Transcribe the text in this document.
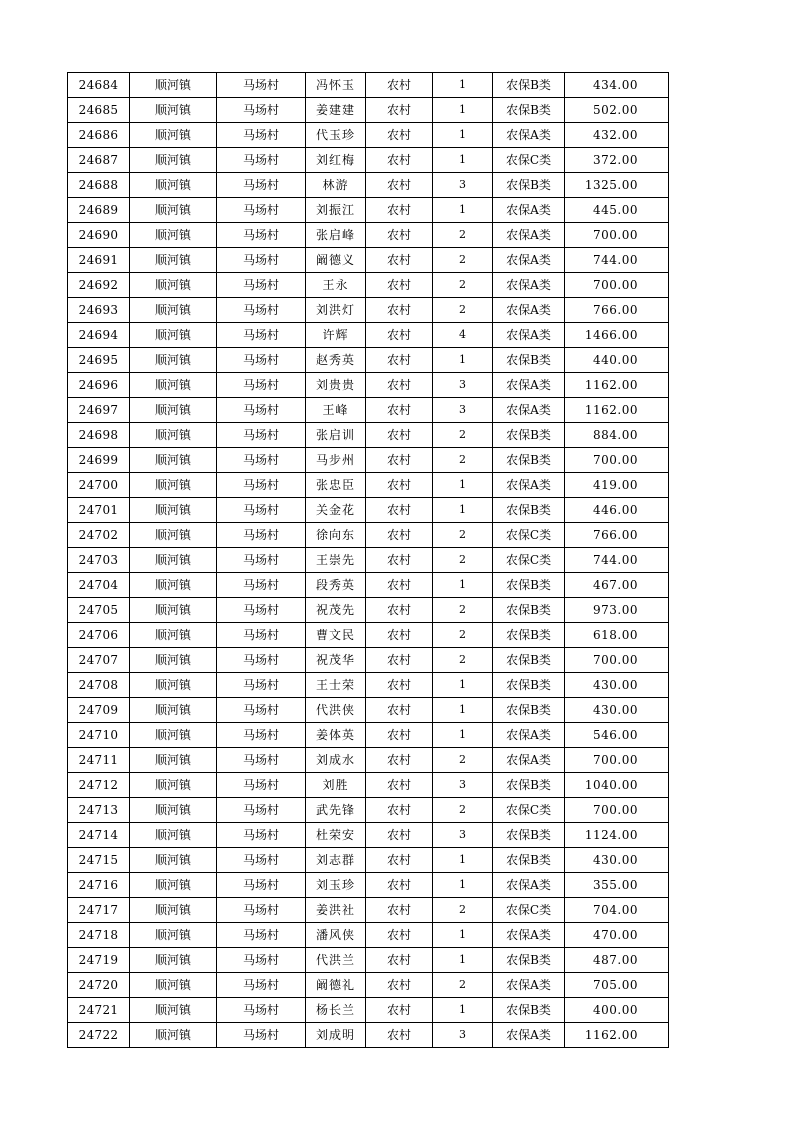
24684	顺河镇	马场村	冯怀玉	农村	1	农保B类	434.00
24685	顺河镇	马场村	姜建建	农村	1	农保B类	502.00
24686	顺河镇	马场村	代玉珍	农村	1	农保A类	432.00
24687	顺河镇	马场村	刘红梅	农村	1	农保C类	372.00
24688	顺河镇	马场村	林游	农村	3	农保B类	1325.00
24689	顺河镇	马场村	刘振江	农村	1	农保A类	445.00
24690	顺河镇	马场村	张启峰	农村	2	农保A类	700.00
24691	顺河镇	马场村	阚德义	农村	2	农保A类	744.00
24692	顺河镇	马场村	王永	农村	2	农保A类	700.00
24693	顺河镇	马场村	刘洪灯	农村	2	农保A类	766.00
24694	顺河镇	马场村	许辉	农村	4	农保A类	1466.00
24695	顺河镇	马场村	赵秀英	农村	1	农保B类	440.00
24696	顺河镇	马场村	刘贵贵	农村	3	农保A类	1162.00
24697	顺河镇	马场村	王峰	农村	3	农保A类	1162.00
24698	顺河镇	马场村	张启训	农村	2	农保B类	884.00
24699	顺河镇	马场村	马步州	农村	2	农保B类	700.00
24700	顺河镇	马场村	张忠臣	农村	1	农保A类	419.00
24701	顺河镇	马场村	关金花	农村	1	农保B类	446.00
24702	顺河镇	马场村	徐向东	农村	2	农保C类	766.00
24703	顺河镇	马场村	王崇先	农村	2	农保C类	744.00
24704	顺河镇	马场村	段秀英	农村	1	农保B类	467.00
24705	顺河镇	马场村	祝茂先	农村	2	农保B类	973.00
24706	顺河镇	马场村	曹文民	农村	2	农保B类	618.00
24707	顺河镇	马场村	祝茂华	农村	2	农保B类	700.00
24708	顺河镇	马场村	王士荣	农村	1	农保B类	430.00
24709	顺河镇	马场村	代洪侠	农村	1	农保B类	430.00
24710	顺河镇	马场村	姜体英	农村	1	农保A类	546.00
24711	顺河镇	马场村	刘成水	农村	2	农保A类	700.00
24712	顺河镇	马场村	刘胜	农村	3	农保B类	1040.00
24713	顺河镇	马场村	武先锋	农村	2	农保C类	700.00
24714	顺河镇	马场村	杜荣安	农村	3	农保B类	1124.00
24715	顺河镇	马场村	刘志群	农村	1	农保B类	430.00
24716	顺河镇	马场村	刘玉珍	农村	1	农保A类	355.00
24717	顺河镇	马场村	姜洪社	农村	2	农保C类	704.00
24718	顺河镇	马场村	潘风侠	农村	1	农保A类	470.00
24719	顺河镇	马场村	代洪兰	农村	1	农保B类	487.00
24720	顺河镇	马场村	阚德礼	农村	2	农保A类	705.00
24721	顺河镇	马场村	杨长兰	农村	1	农保B类	400.00
24722	顺河镇	马场村	刘成明	农村	3	农保A类	1162.00
